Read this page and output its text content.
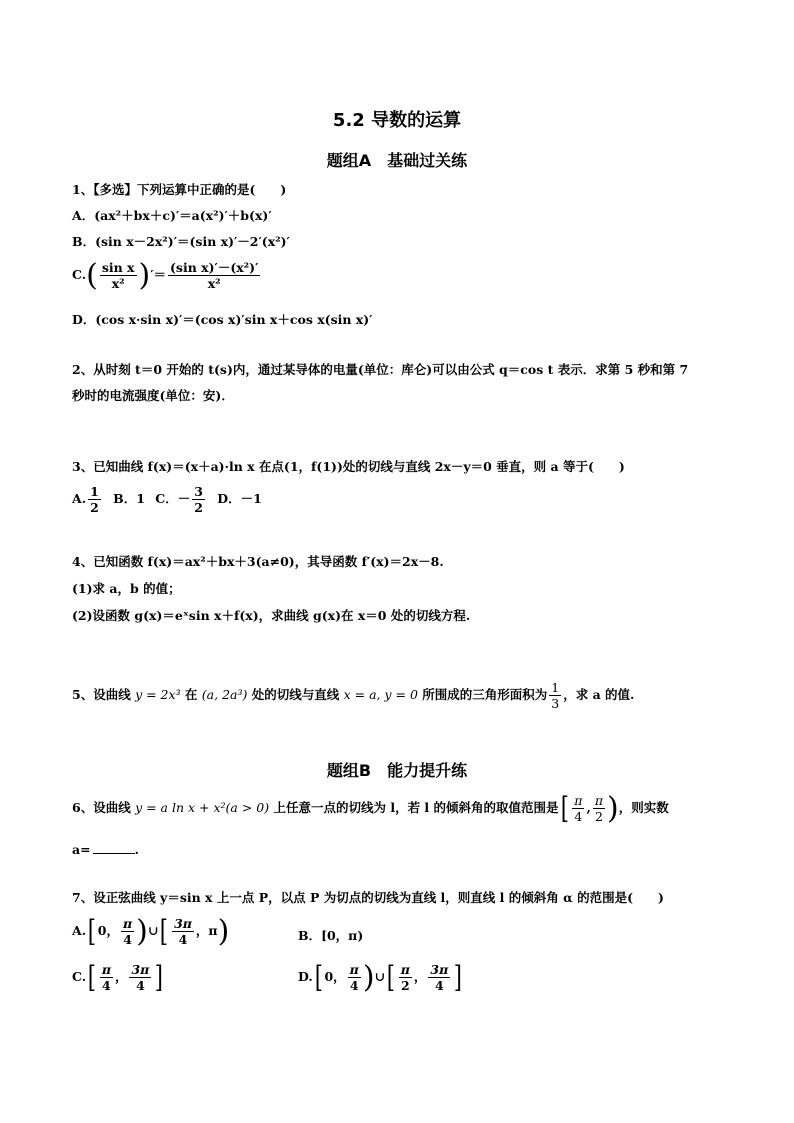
5.2 导数的运算
题组A　基础过关练
1、【多选】下列运算中正确的是(　　)
A．(ax²＋bx＋c)′＝a(x²)′＋b(x)′
B．(sin x－2x²)′＝(sin x)′－2′(x²)′
$C.( \frac{\text{sin x}}{\text{x²}}$ )′＝ $\frac{\text{(sin x)′－(x²)′}}{\text{x²}}$
D．(cos x·sin x)′＝(cos x)′sin x＋cos x(sin x)′
2、从时刻 t＝0 开始的 t(s)内，通过某导体的电量(单位：库仑)可以由公式 q＝cos t 表示．求第 5 秒和第 7
秒时的电流强度(单位：安)．
3、已知曲线 f(x)＝(x＋a)·ln x 在点(1，f(1))处的切线与直线 2x－y＝0 垂直，则 a 等于(　　)
A. $\frac{1}{2}$ B．1 C．－ $\frac{3}{2}$ D．－1
4、已知函数 f(x)＝ax²＋bx＋3(a≠0)，其导函数 f′(x)＝2x－8.
(1)求 a，b 的值；
(2)设函数 g(x)＝eˣsin x＋f(x)，求曲线 g(x)在 x＝0 处的切线方程.
5、设曲线 y = 2x³ 在 (a, 2a³) 处的切线与直线 x = a, y = 0 所围成的三角形面积为 $\frac{1}{3}$ ，求 a 的值.
题组B　能力提升练
6、设曲线 y = a ln x + x²(a > 0) 上任意一点的切线为 l，若 l 的倾斜角的取值范围是[ $\frac{\pi}{4}$ , $\frac{\pi}{2}$ )，则实数
a=	.
7、设正弦曲线 y＝sin x 上一点 P，以点 P 为切点的切线为直线 l，则直线 l 的倾斜角 α 的范围是(　　)
A.[ 0， $\frac{\pi}{4}$ )∪[ $\frac{3\pi}{4}$ ，π)	B．[0，π)
$C.[ \frac{\pi}{4}$ ， $\frac{3\pi}{4}$ ]	D.[ 0， $\frac{\pi}{4}$ )∪[ $\frac{\pi}{2}$ ， $\frac{3\pi}{4}$ ]
